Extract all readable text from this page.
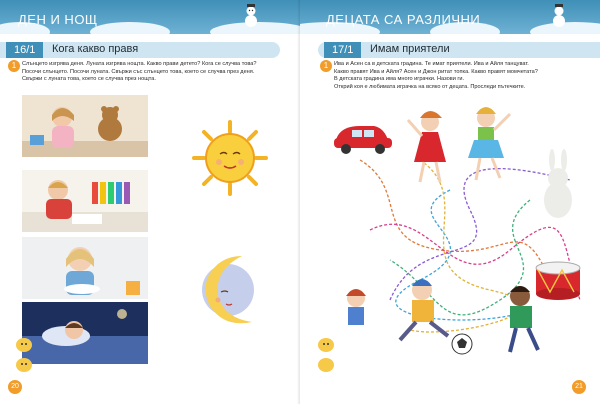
ДЕН И НОЩ
16/1	Кога какво правя
1	Слънцето изгрява деня. Луната изгрява нощта. Какво прави детето? Кога се случва това?
Посочи слънцето. Посочи луната. Свържи със слънцето това, което се случва през деня.
Свържи с луната това, което се случва през нощта.
20
ДЕЦАТА СА РАЗЛИЧНИ
17/1	Имам приятели
1	Ива и Асен са в детската градина. Те имат приятели. Ива и Айля танцуват.
Какво правят Ива и Айля? Асен и Джон ритат топка. Какво правят момчетата?
В детската градина има много играчки. Назови ги.
Открий коя е любимата играчка на всяко от децата. Проследи пътечките.
21
